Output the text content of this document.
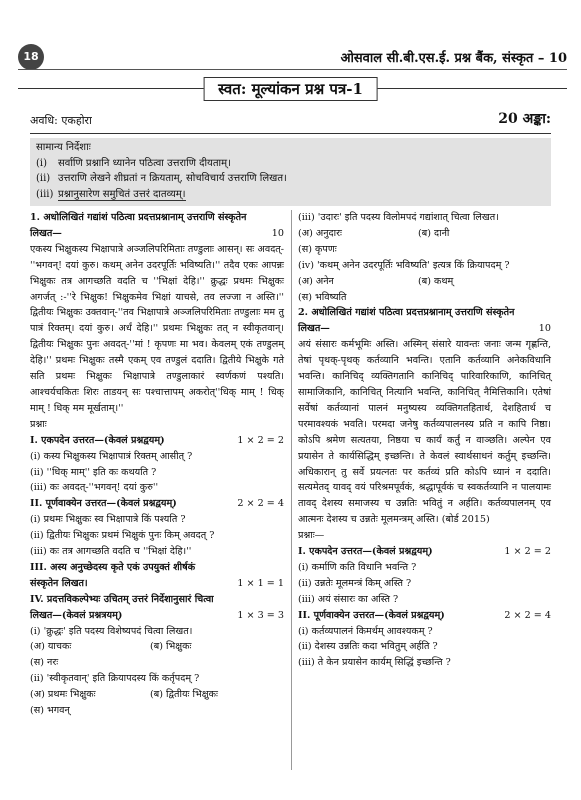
18	ओसवाल सी.बी.एस.ई. प्रश्न बैंक, संस्कृत – 10
स्वत: मूल्यांकन प्रश्न पत्र-1
अवधि: एकहोरा	20 अङ्का:
सामान्य निर्देशाः
(i) सर्वाणि प्रश्नानि ध्यानेन पठित्वा उत्तराणि दीयताम्‌।
(ii) उत्तराणि लेखने शीघ्रतां न क्रियताम्‌, सोचविचार्य उत्तराणि लिखत।
(iii) प्रश्नानुसारेण समुचितं उत्तरं दातव्यम्‌।
1. अधोलिखितं गद्यांशं पठित्वा प्रदत्तप्रश्नानाम् उत्तराणि संस्कृतेन
लिखत—	10
एकस्य भिक्षुकस्य भिक्षापात्रे अञ्जलिपरिमिताः तण्डुलाः आसन्‌। सः अवदत्-''भगवन्‌! दयां कुरु। कथम् अनेन उदरपूर्तिः भविष्यति।'' तदैव एकः आपन्नः भिक्षुकः तत्र आगच्छति वदति च ''भिक्षां देहि।'' क्रुद्धः प्रथमः भिक्षुकः अगर्जत् :-''रे भिक्षुक! भिक्षुकमेव भिक्षां याचसे, तव लज्जा न अस्ति।'' द्वितीयः भिक्षुकः उक्तवान्-''तव भिक्षापात्रे अञ्जलिपरिमिताः तण्डुलाः मम तु पात्रं रिक्तम्‌। दयां कुरु। अर्धं देहि।'' प्रथमः भिक्षुकः तत् न स्वीकृतवान्‌। द्वितीयः भिक्षुकः पुनः अवदत्-''मां ! कृपणः मा भव। केवलम् एकं तण्डुलम् देहि।'' प्रथमः भिक्षुकः तस्मै एकम् एव तण्डुलं ददाति। द्वितीये भिक्षुके गते सति प्रथमः भिक्षुकः भिक्षापात्रे तण्डुलाकारं स्वर्णकणं पश्यति। आश्चर्यचकितः शिरः ताडयन् सः पश्चात्तापम् अकरोत्''धिक् माम् ! धिक् माम् ! धिक् मम मूर्खताम्‌।''
प्रश्नाः
I. एकपदेन उत्तरत—(केवलं प्रश्नद्वयम्)	1 × 2 = 2
(i) कस्य भिक्षुकस्य भिक्षापात्रं रिक्तम् आसीत्‌ ?
(ii) ''धिक् माम्'' इति कः कथयति ?
(iii) कः अवदत्-''भगवन्‌! दयां कुरु''
II. पूर्णवाक्येन उत्तरत—(केवलं प्रश्नद्वयम्)	2 × 2 = 4
(i) प्रथमः भिक्षुकः स्व भिक्षापात्रे किं पश्यति ?
(ii) द्वितीयः भिक्षुकः प्रथमं भिक्षुकं पुनः किम् अवदत्‌ ?
(iii) कः तत्र आगच्छति वदति च ''भिक्षां देहि।''
III. अस्य अनुच्छेदस्य कृते एकं उपयुक्तं शीर्षकं
संस्कृतेन लिखत।	1 × 1 = 1
IV. प्रदत्तविकल्पेभ्यः उचितम् उत्तरं निर्देशानुसारं चित्वा
लिखत—(केवलं प्रश्नत्रयम्)	1 × 3 = 3
(i) 'क्रुद्धः' इति पदस्य विशेष्यपदं चित्वा लिखत।
(अ) याचकः	(ब) भिक्षुकः
(स) नरः
(ii) 'स्वीकृतवान्' इति क्रियापदस्य किं कर्तृपदम् ?
(अ) प्रथमः भिक्षुकः	(ब) द्वितीयः भिक्षुकः
(स) भगवन्‌
(iii) 'उदारः' इति पदस्य विलोमपदं गद्यांशात् चित्वा लिखत।
(अ) अनुदारः	(ब) दानी
(स) कृपणः
(iv) 'कथम् अनेन उदरपूर्तिः भविष्यति' इत्यत्र किं क्रियापदम् ?
(अ) अनेन	(ब) कथम्
(स) भविष्यति
2. अधोलिखितं गद्यांशं पठित्वा प्रदत्तप्रश्नानाम् उत्तराणि संस्कृतेन
लिखत—	10
अयं संसारः कर्मभूमिः अस्ति। अस्मिन् संसारे यावन्तः जनाः जन्म गृह्णन्ति, तेषां पृथक्-पृथक् कर्तव्यानि भवन्ति। एतानि कर्तव्यानि अनेकविधानि भवन्ति। कानिचिद् व्यक्तिगतानि कानिचिद् पारिवारिकाणि, कानिचित् सामाजिकानि, कानिचित् नित्यानि भवन्ति, कानिचित् नैमित्तिकानि। एतेषां सर्वेषां कर्तव्यानां पालनं मनुष्यस्य व्यक्तिगतहितार्थ, देशहितार्थ च परमावश्यकं भवति। परमदा जनेषु कर्तव्यपालनस्य प्रति न कापि निष्ठा। कोऽपि श्रमेण सत्यतया, निष्ठया च कार्यं कर्तुं न वाञ्छति। अल्पेन एव प्रयासेन ते कार्यसिद्धिम् इच्छन्ति। ते केवलं स्वार्थसाधनं कर्तुम् इच्छन्ति। अधिकारान् तु सर्वे प्रयत्नतः पर कर्तव्यं प्रति कोऽपि ध्यानं न ददाति। सत्यमेतद् यावद् वयं परिश्रमपूर्वकं, श्रद्धापूर्वकं च स्वकर्तव्यानि न पालयामः तावद् देशस्य समाजस्य च उन्नतिः भवितुं न अर्हति। कर्तव्यपालनम् एव आत्मनः देशस्य च उन्नतेः मूलमन्त्रम् अस्ति। (बोर्ड 2015)
प्रश्नाः—
I. एकपदेन उत्तरत—(केवलं प्रश्नद्वयम्)	1 × 2 = 2
(i) कर्माणि कति विधानि भवन्ति ?
(ii) उन्नतेः मूलमन्त्रं किम् अस्ति ?
(iii) अयं संसारः का अस्ति ?
II. पूर्णवाक्येन उत्तरत—(केवलं प्रश्नद्वयम्)	2 × 2 = 4
(i) कर्तव्यपालनं किमर्थम् आवश्यकम् ?
(ii) देशस्य उन्नतिः कदा भवितुम् अर्हति ?
(iii) ते केन प्रयासेन कार्यम् सिद्धिं इच्छन्ति ?
